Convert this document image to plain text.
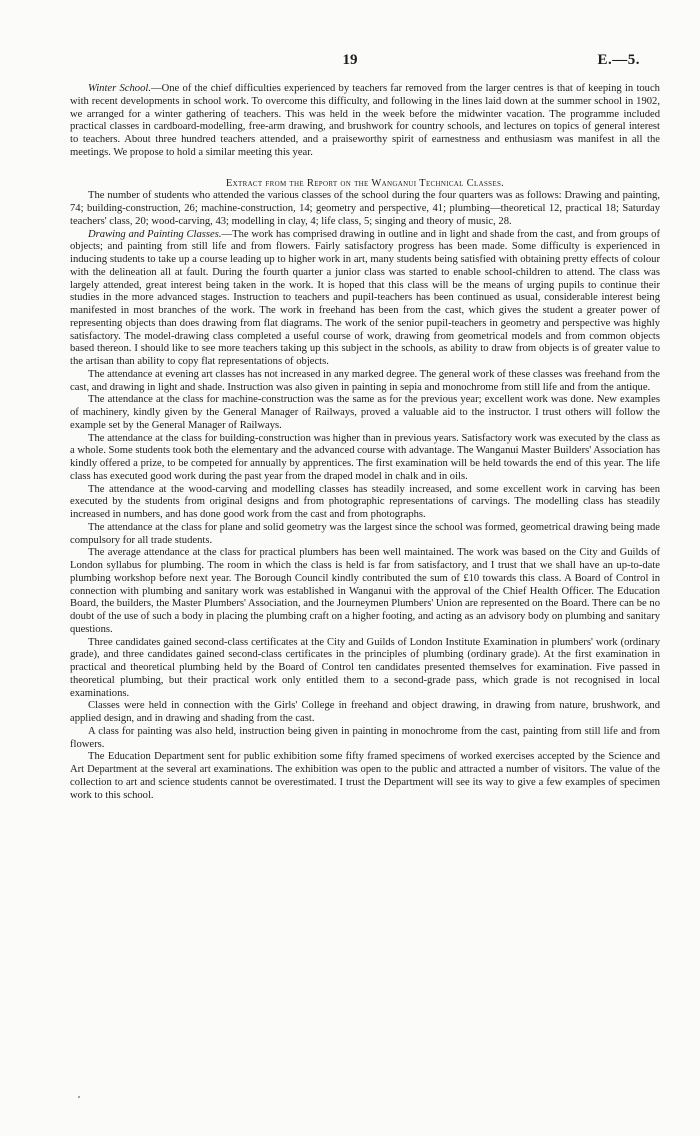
19	E.—5.

Winter School.—One of the chief difficulties experienced by teachers far removed from the larger centres is that of keeping in touch with recent developments in school work. To overcome this difficulty, and following in the lines laid down at the summer school in 1902, we arranged for a winter gathering of teachers. This was held in the week before the midwinter vacation. The programme included practical classes in cardboard-modelling, free-arm drawing, and brushwork for country schools, and lectures on topics of general interest to teachers. About three hundred teachers attended, and a praiseworthy spirit of earnestness and enthusiasm was manifest in all the meetings. We propose to hold a similar meeting this year.

Extract from the Report on the Wanganui Technical Classes.

The number of students who attended the various classes of the school during the four quarters was as follows: Drawing and painting, 74; building-construction, 26; machine-construction, 14; geometry and perspective, 41; plumbing—theoretical 12, practical 18; Saturday teachers' class, 20; wood-carving, 43; modelling in clay, 4; life class, 5; singing and theory of music, 28.

Drawing and Painting Classes.—The work has comprised drawing in outline and in light and shade from the cast, and from groups of objects; and painting from still life and from flowers. Fairly satisfactory progress has been made. Some difficulty is experienced in inducing students to take up a course leading up to higher work in art, many students being satisfied with obtaining pretty effects of colour with the delineation all at fault. During the fourth quarter a junior class was started to enable school-children to attend. The class was largely attended, great interest being taken in the work. It is hoped that this class will be the means of urging pupils to continue their studies in the more advanced stages. Instruction to teachers and pupil-teachers has been continued as usual, considerable interest being manifested in most branches of the work. The work in freehand has been from the cast, which gives the student a greater power of representing objects than does drawing from flat diagrams. The work of the senior pupil-teachers in geometry and perspective was highly satisfactory. The model-drawing class completed a useful course of work, drawing from geometrical models and from common objects based thereon. I should like to see more teachers taking up this subject in the schools, as ability to draw from objects is of greater value to the artisan than ability to copy flat representations of objects.

The attendance at evening art classes has not increased in any marked degree. The general work of these classes was freehand from the cast, and drawing in light and shade. Instruction was also given in painting in sepia and monochrome from still life and from the antique.

The attendance at the class for machine-construction was the same as for the previous year; excellent work was done. New examples of machinery, kindly given by the General Manager of Railways, proved a valuable aid to the instructor. I trust others will follow the example set by the General Manager of Railways.

The attendance at the class for building-construction was higher than in previous years. Satisfactory work was executed by the class as a whole. Some students took both the elementary and the advanced course with advantage. The Wanganui Master Builders' Association has kindly offered a prize, to be competed for annually by apprentices. The first examination will be held towards the end of this year. The life class has executed good work during the past year from the draped model in chalk and in oils.

The attendance at the wood-carving and modelling classes has steadily increased, and some excellent work in carving has been executed by the students from original designs and from photographic representations of carvings. The modelling class has steadily increased in numbers, and has done good work from the cast and from photographs.

The attendance at the class for plane and solid geometry was the largest since the school was formed, geometrical drawing being made compulsory for all trade students.

The average attendance at the class for practical plumbers has been well maintained. The work was based on the City and Guilds of London syllabus for plumbing. The room in which the class is held is far from satisfactory, and I trust that we shall have an up-to-date plumbing workshop before next year. The Borough Council kindly contributed the sum of £10 towards this class. A Board of Control in connection with plumbing and sanitary work was established in Wanganui with the approval of the Chief Health Officer. The Education Board, the builders, the Master Plumbers' Association, and the Journeymen Plumbers' Union are represented on the Board. There can be no doubt of the use of such a body in placing the plumbing craft on a higher footing, and acting as an advisory body on plumbing and sanitary questions.

Three candidates gained second-class certificates at the City and Guilds of London Institute Examination in plumbers' work (ordinary grade), and three candidates gained second-class certificates in the principles of plumbing (ordinary grade). At the first examination in practical and theoretical plumbing held by the Board of Control ten candidates presented themselves for examination. Five passed in theoretical plumbing, but their practical work only entitled them to a second-grade pass, which grade is not recognised in local examinations.

Classes were held in connection with the Girls' College in freehand and object drawing, in drawing from nature, brushwork, and applied design, and in drawing and shading from the cast.

A class for painting was also held, instruction being given in painting in monochrome from the cast, painting from still life and from flowers.

The Education Department sent for public exhibition some fifty framed specimens of worked exercises accepted by the Science and Art Department at the several art examinations. The exhibition was open to the public and attracted a number of visitors. The value of the collection to art and science students cannot be overestimated. I trust the Department will see its way to give a few examples of specimen work to this school.
